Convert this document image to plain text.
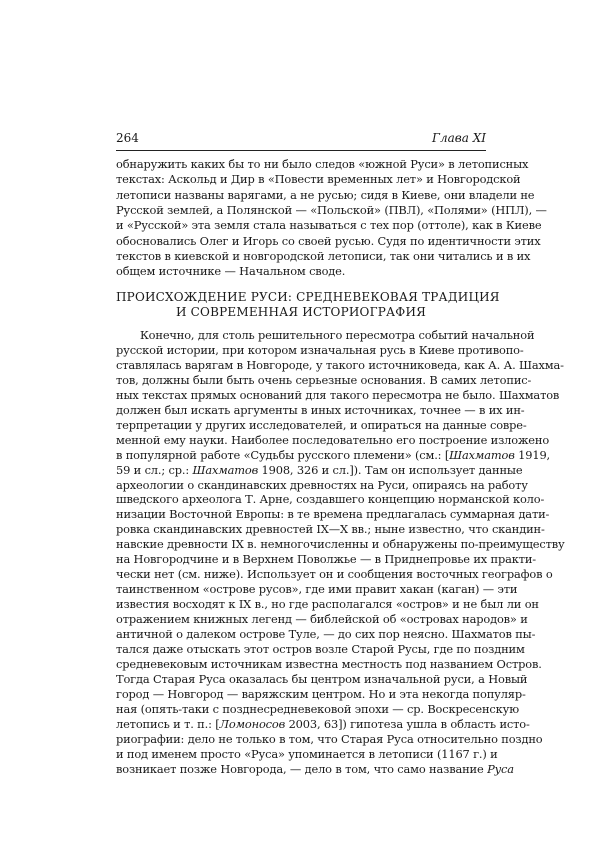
264	Глава XI
обнаружить каких бы то ни было следов «южной Руси» в летописных
текстах: Аскольд и Дир в «Повести временных лет» и Новгородской
летописи названы варягами, а не русью; сидя в Киеве, они владели не
Русской землей, а Полянской — «Польской» (ПВЛ), «Полями» (НПЛ), —
и «Русской» эта земля стала называться с тех пор (оттоле), как в Киеве
обосновались Олег и Игорь со своей русью. Судя по идентичности этих
текстов в киевской и новгородской летописи, так они читались и в их
общем источнике — Начальном своде.
ПРОИСХОЖДЕНИЕ РУСИ: СРЕДНЕВЕКОВАЯ ТРАДИЦИЯ
И СОВРЕМЕННАЯ ИСТОРИОГРАФИЯ
Конечно, для столь решительного пересмотра событий начальной
русской истории, при котором изначальная русь в Киеве противопо-
ставлялась варягам в Новгороде, у такого источниковеда, как А. А. Шахма-
тов, должны были быть очень серьезные основания. В самих летопис-
ных текстах прямых оснований для такого пересмотра не было. Шахматов
должен был искать аргументы в иных источниках, точнее — в их ин-
терпретации у других исследователей, и опираться на данные совре-
менной ему науки. Наиболее последовательно его построение изложено
в популярной работе «Судьбы русского племени» (см.: [Шахматов 1919,
59 и сл.; ср.: Шахматов 1908, 326 и сл.]). Там он использует данные
археологии о скандинавских древностях на Руси, опираясь на работу
шведского археолога Т. Арне, создавшего концепцию норманской коло-
низации Восточной Европы: в те времена предлагалась суммарная дати-
ровка скандинавских древностей IX—X вв.; ныне известно, что скандин-
навские древности IX в. немногочисленны и обнаружены по-преимуществу
на Новгородчине и в Верхнем Поволжье — в Приднепровье их практи-
чески нет (см. ниже). Использует он и сообщения восточных географов о
таинственном «острове русов», где ими правит хакан (каган) — эти
известия восходят к IX в., но где располагался «остров» и не был ли он
отражением книжных легенд — библейской об «островах народов» и
античной о далеком острове Туле, — до сих пор неясно. Шахматов пы-
тался даже отыскать этот остров возле Старой Русы, где по поздним
средневековым источникам известна местность под названием Остров.
Тогда Старая Руса оказалась бы центром изначальной руси, а Новый
город — Новгород — варяжским центром. Но и эта некогда популяр-
ная (опять-таки с позднесредневековой эпохи — ср. Воскресенскую
летопись и т. п.: [Ломоносов 2003, 63]) гипотеза ушла в область исто-
риографии: дело не только в том, что Старая Руса относительно поздно
и под именем просто «Руса» упоминается в летописи (1167 г.) и
возникает позже Новгорода, — дело в том, что само название Руса
